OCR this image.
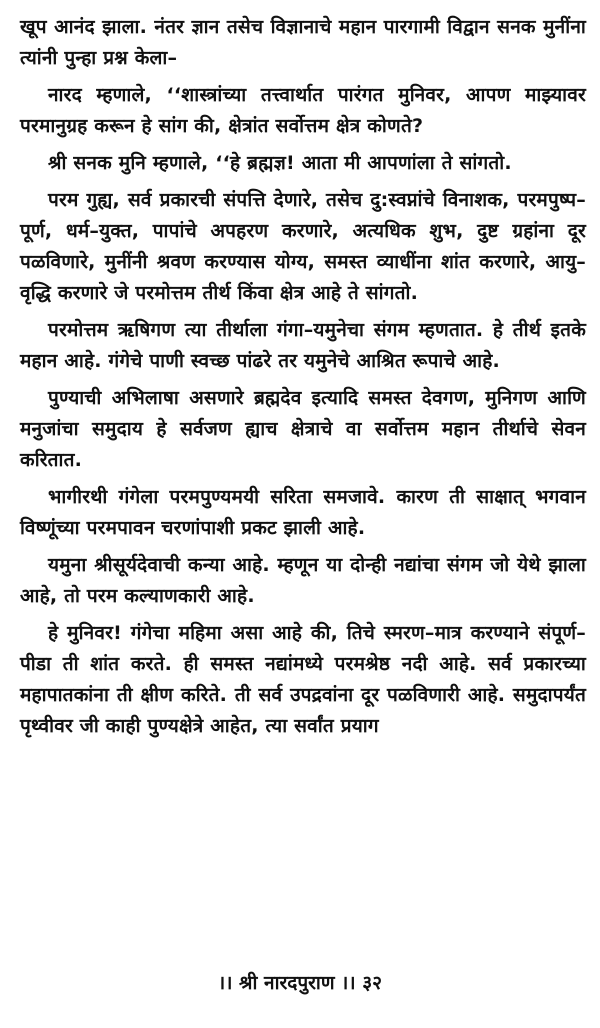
खूप आनंद झाला. नंतर ज्ञान तसेच विज्ञानाचे महान पारगामी विद्वान सनक मुनींना त्यांनी पुन्हा प्रश्न केला–

नारद म्हणाले, ‘‘शास्त्रांच्या तत्त्वार्थात पारंगत मुनिवर, आपण माझ्यावर परमानुग्रह करून हे सांग की, क्षेत्रांत सर्वोत्तम क्षेत्र कोणते?

श्री सनक मुनि म्हणाले, ‘‘हे ब्रह्मज्ञ! आता मी आपणांला ते सांगतो.

परम गुह्य, सर्व प्रकारची संपत्ति देणारे, तसेच दु:स्वप्नांचे विनाशक, परमपुष्प–पूर्ण, धर्म–युक्त, पापांचे अपहरण करणारे, अत्यधिक शुभ, दुष्ट ग्रहांना दूर पळविणारे, मुनींनी श्रवण करण्यास योग्य, समस्त व्याधींना शांत करणारे, आयु–वृद्धि करणारे जे परमोत्तम तीर्थ किंवा क्षेत्र आहे ते सांगतो.

परमोत्तम ऋषिगण त्या तीर्थाला गंगा–यमुनेचा संगम म्हणतात. हे तीर्थ इतके महान आहे. गंगेचे पाणी स्वच्छ पांढरे तर यमुनेचे आश्रित रूपाचे आहे.

पुण्याची अभिलाषा असणारे ब्रह्मदेव इत्यादि समस्त देवगण, मुनिगण आणि मनुजांचा समुदाय हे सर्वजण ह्याच क्षेत्राचे वा सर्वोत्तम महान तीर्थाचे सेवन करितात.

भागीरथी गंगेला परमपुण्यमयी सरिता समजावे. कारण ती साक्षात् भगवान विष्णूंच्या परमपावन चरणांपाशी प्रकट झाली आहे.

यमुना श्रीसूर्यदेवाची कन्या आहे. म्हणून या दोन्ही नद्यांचा संगम जो येथे झाला आहे, तो परम कल्याणकारी आहे.

हे मुनिवर! गंगेचा महिमा असा आहे की, तिचे स्मरण–मात्र करण्याने संपूर्ण–पीडा ती शांत करते. ही समस्त नद्यांमध्ये परमश्रेष्ठ नदी आहे. सर्व प्रकारच्या महापातकांना ती क्षीण करिते. ती सर्व उपद्रवांना दूर पळविणारी आहे. समुदापर्यंत पृथ्वीवर जी काही पुण्यक्षेत्रे आहेत, त्या सर्वांत प्रयाग

।। श्री नारदपुराण ।। ३२
